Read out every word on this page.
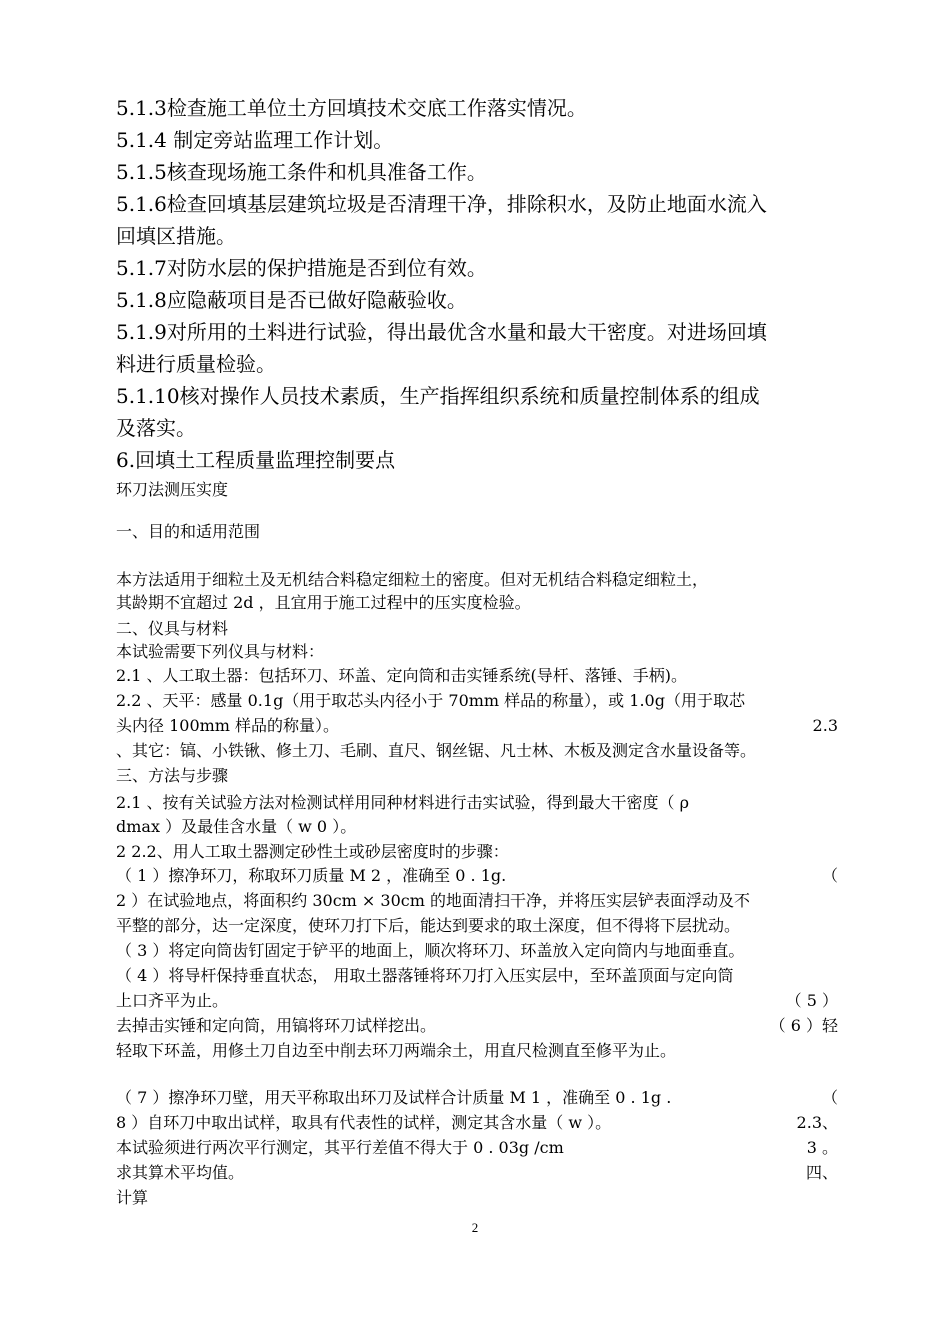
5.1.3检查施工单位土方回填技术交底工作落实情况。
5.1.4 制定旁站监理工作计划。
5.1.5核查现场施工条件和机具准备工作。
5.1.6检查回填基层建筑垃圾是否清理干净，排除积水，及防止地面水流入
回填区措施。
5.1.7对防水层的保护措施是否到位有效。
5.1.8应隐蔽项目是否已做好隐蔽验收。
5.1.9对所用的土料进行试验，得出最优含水量和最大干密度。对进场回填
料进行质量检验。
5.1.10核对操作人员技术素质，生产指挥组织系统和质量控制体系的组成
及落实。
6.回填土工程质量监理控制要点
环刀法测压实度
一、目的和适用范围
本方法适用于细粒土及无机结合料稳定细粒土的密度。但对无机结合料稳定细粒土，
其龄期不宜超过 2d ，且宜用于施工过程中的压实度检验。
二、仪具与材料
本试验需要下列仪具与材料：
2.1 、人工取土器：包括环刀、环盖、定向筒和击实锤系统(导杆、落锤、手柄)。
2.2 、天平：感量 0.1g（用于取芯头内径小于 70mm 样品的称量），或 1.0g（用于取芯
头内径 100mm 样品的称量）。	2.3
、其它：镐、小铁锹、修土刀、毛刷、直尺、钢丝锯、凡士林、木板及测定含水量设备等。
三、方法与步骤
2.1 、按有关试验方法对检测试样用同种材料进行击实试验，得到最大干密度（ ρ
dmax ）及最佳含水量（ w 0 ）。
2 2.2、用人工取土器测定砂性土或砂层密度时的步骤：
（ 1 ）擦净环刀，称取环刀质量 M 2 ，准确至 0 . 1g.	（
2 ）在试验地点，将面积约 30cm × 30cm 的地面清扫干净，并将压实层铲表面浮动及不
平整的部分，达一定深度，使环刀打下后，能达到要求的取土深度，但不得将下层扰动。
（ 3 ）将定向筒齿钉固定于铲平的地面上，顺次将环刀、环盖放入定向筒内与地面垂直。
（ 4 ）将导杆保持垂直状态， 用取土器落锤将环刀打入压实层中，至环盖顶面与定向筒
上口齐平为止。	（ 5 ）
去掉击实锤和定向筒，用镐将环刀试样挖出。	（ 6 ）轻
轻取下环盖，用修土刀自边至中削去环刀两端余土，用直尺检测直至修平为止。
（ 7 ）擦净环刀壁，用天平称取出环刀及试样合计质量 M 1 ，准确至 0 . 1g .	（
8 ）自环刀中取出试样，取具有代表性的试样，测定其含水量（ w ）。	2.3、
本试验须进行两次平行测定，其平行差值不得大于 0 . 03g /cm	3 。
求其算术平均值。	四、
计算
2
